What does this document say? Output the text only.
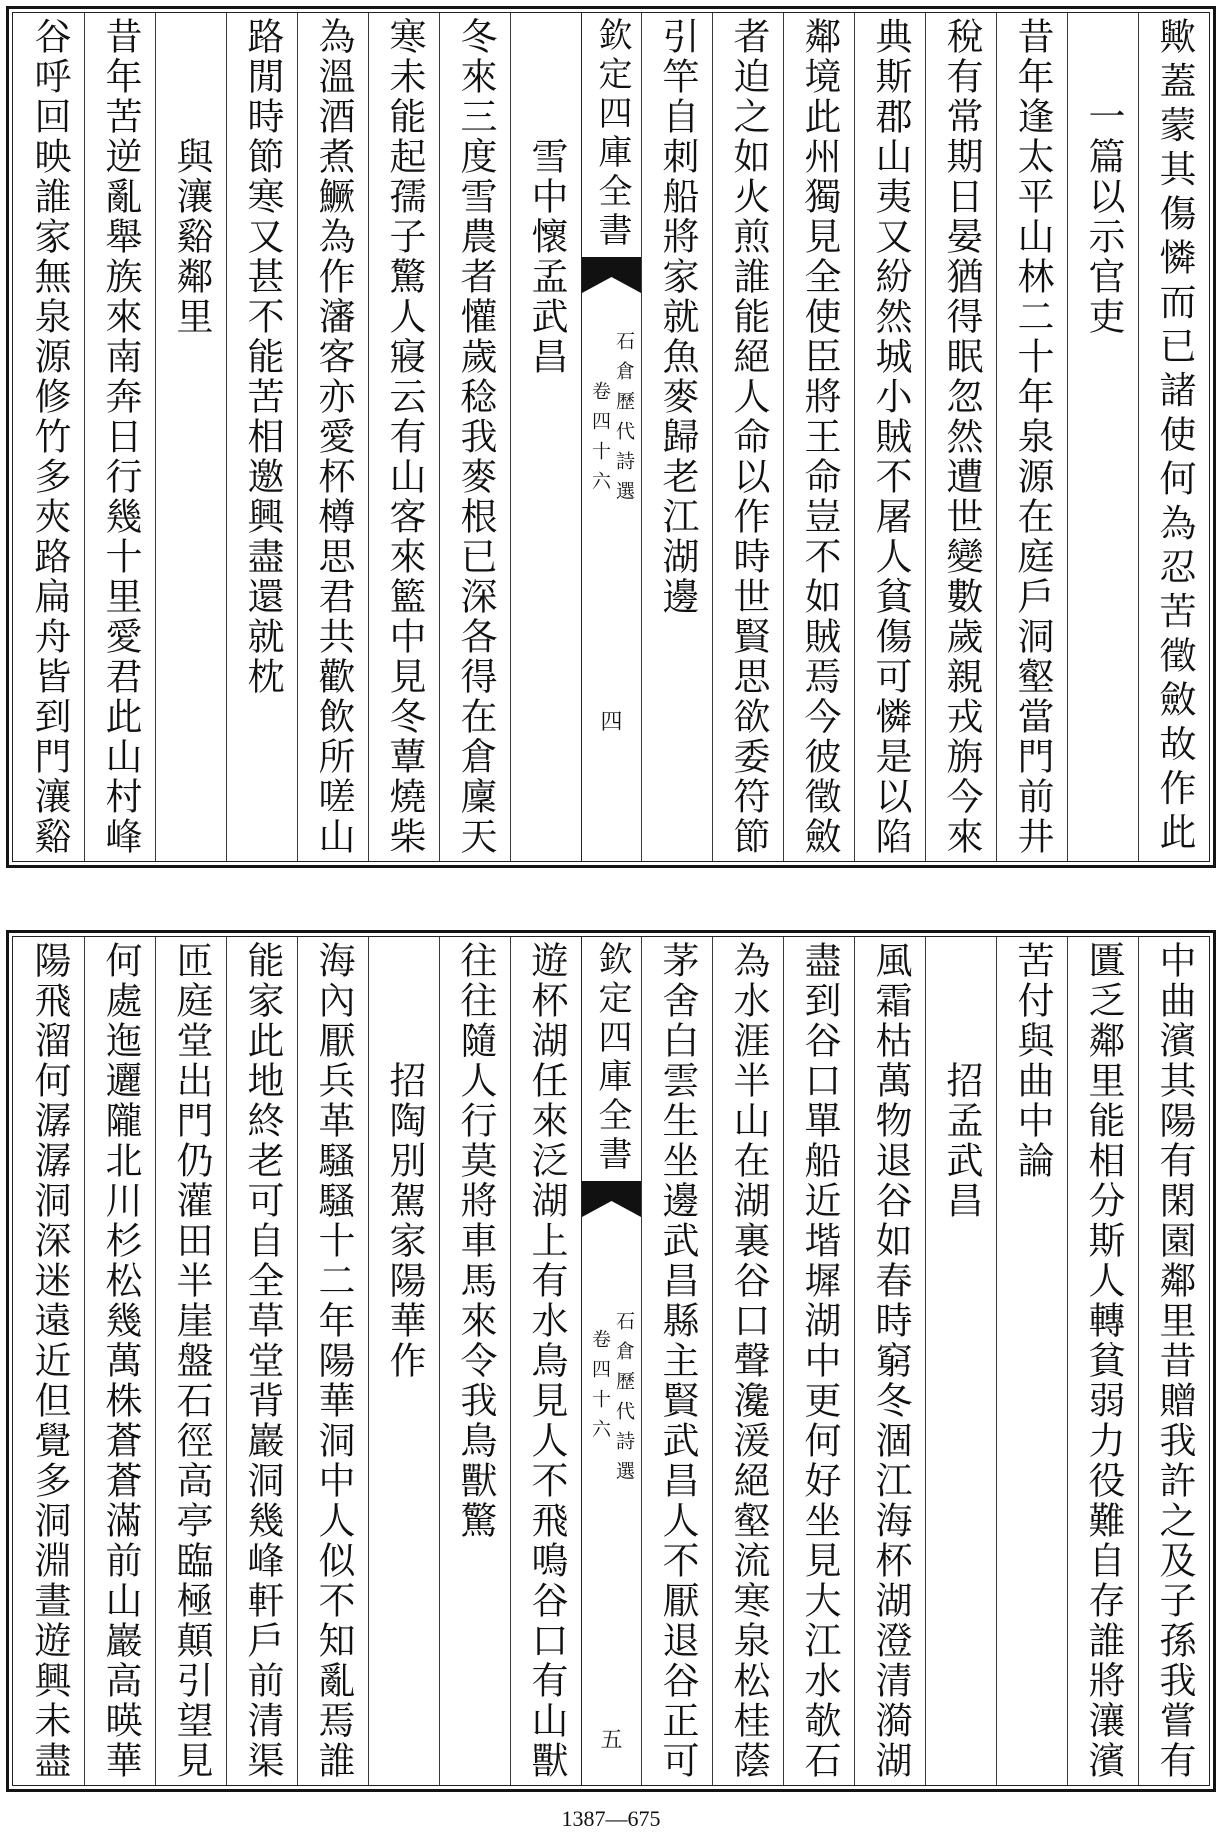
歟蓋蒙其傷憐而已諸使何為忍苦徵斂故作此
一篇以示官吏
昔年逢太平山林二十年泉源在庭戶洞壑當門前井
稅有常期日晏猶得眠忽然遭世變數歲親戎旃今來
典斯郡山夷又紛然城小賊不屠人貧傷可憐是以陷
鄰境此州獨見全使臣將王命豈不如賊焉今彼徵斂
者迫之如火煎誰能絕人命以作時世賢思欲委符節
引竿自刺船將家就魚麥歸老江湖邊
欽定四庫全書
石倉歷代詩選
卷四十六
四
雪中懷孟武昌
冬來三度雪農者懽歲稔我麥根已深各得在倉廩天
寒未能起孺子驚人寢云有山客來籃中見冬蕈燒柴
為溫酒煮鱖為作瀋客亦愛杯樽思君共歡飲所嗟山
路閒時節寒又甚不能苦相邀興盡還就枕
與瀼谿鄰里
昔年苦逆亂舉族來南奔日行幾十里愛君此山村峰
谷呼回映誰家無泉源修竹多夾路扁舟皆到門瀼谿
中曲濱其陽有閑園鄰里昔贈我許之及子孫我嘗有
匱乏鄰里能相分斯人轉貧弱力役難自存誰將瀼濱
苦付與曲中論
招孟武昌
風霜枯萬物退谷如春時窮冬涸江海杯湖澄清漪湖
盡到谷口單船近堦墀湖中更何好坐見大江水欹石
為水涯半山在湖裏谷口聲瀺湲絕壑流寒泉松桂蔭
茅舍白雲生坐邊武昌縣主賢武昌人不厭退谷正可
欽定四庫全書
石倉歷代詩選
卷四十六
五
遊杯湖任來泛湖上有水鳥見人不飛鳴谷口有山獸
往往隨人行莫將車馬來令我鳥獸驚
招陶別駕家陽華作
海內厭兵革騷騷十二年陽華洞中人似不知亂焉誰
能家此地終老可自全草堂背巖洞幾峰軒戶前清渠
匝庭堂出門仍灌田半崖盤石徑高亭臨極顛引望見
何處迤邐隴北川杉松幾萬株蒼蒼滿前山巖高暎華
陽飛溜何潺潺洞深迷遠近但覺多洞淵晝遊興未盡
1387—675
